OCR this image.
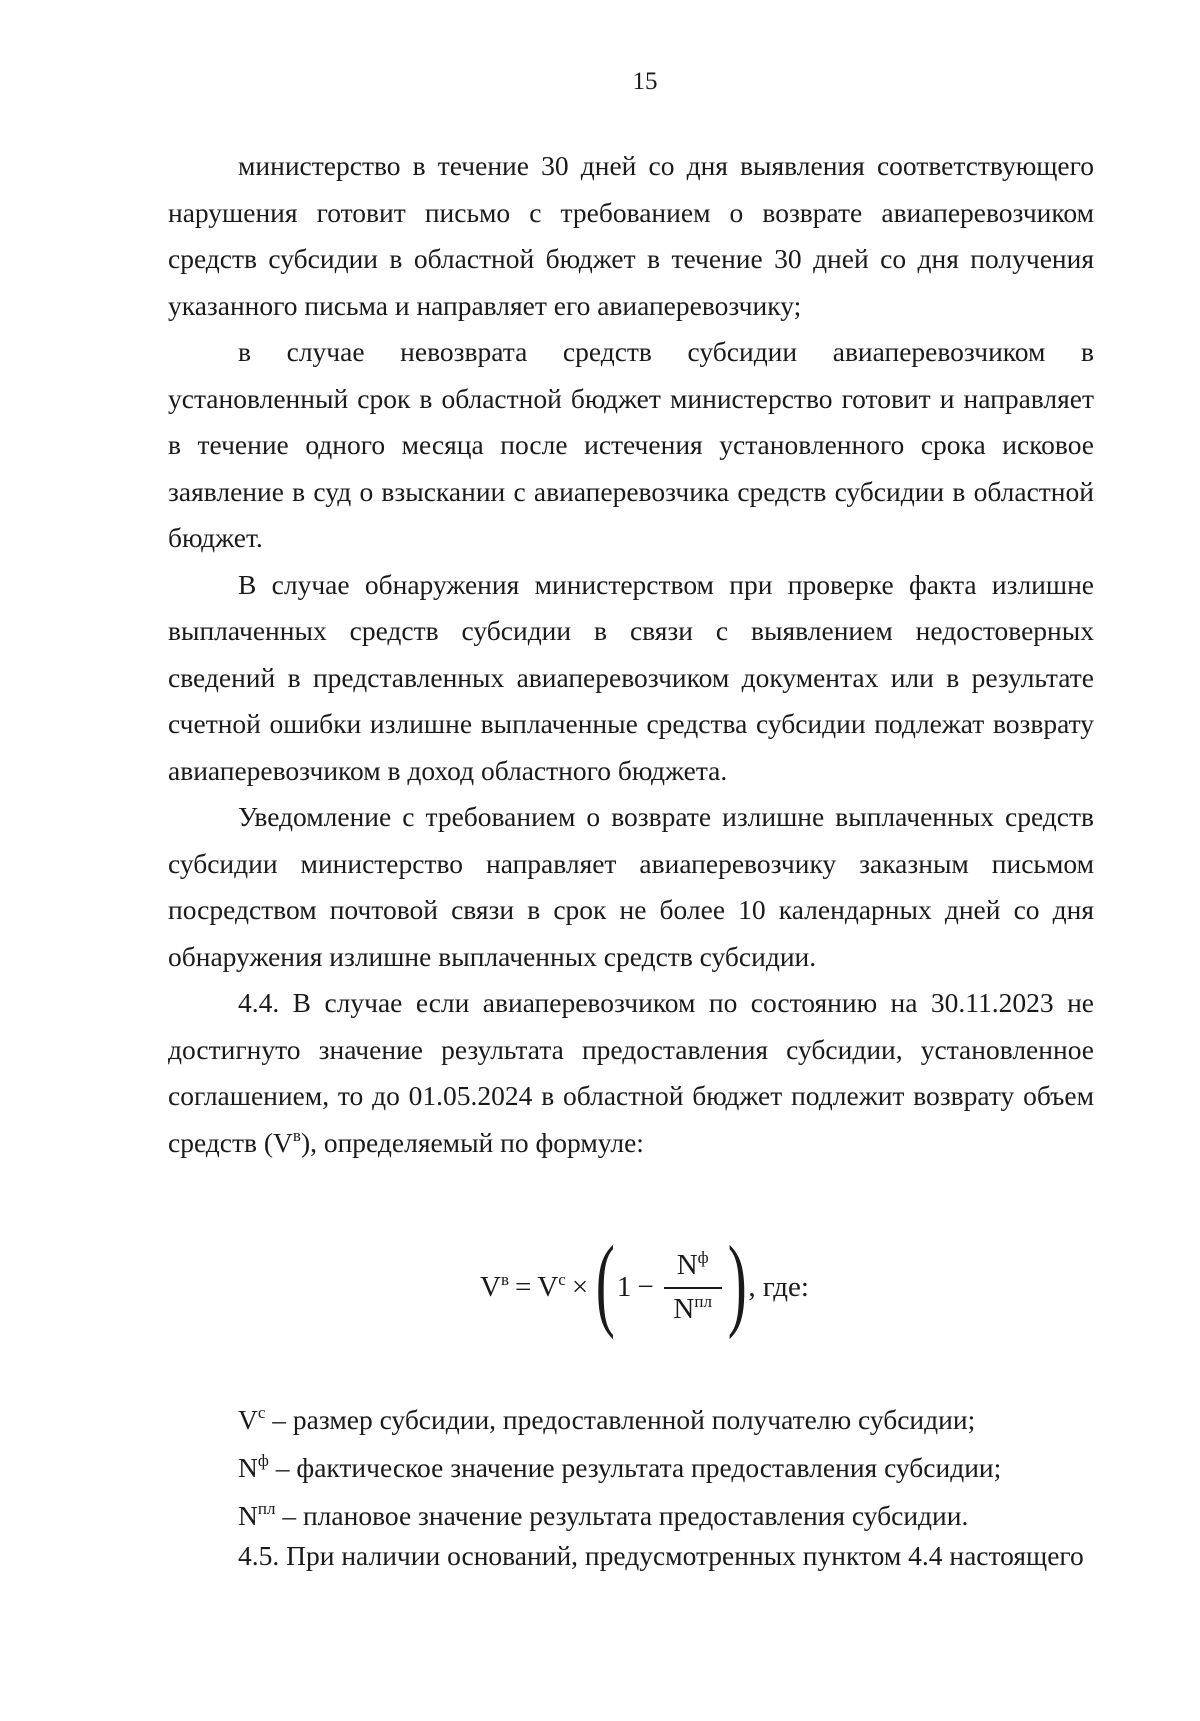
15

министерство в течение 30 дней со дня выявления соответствующего нарушения готовит письмо с требованием о возврате авиаперевозчиком средств субсидии в областной бюджет в течение 30 дней со дня получения указанного письма и направляет его авиаперевозчику;

в случае невозврата средств субсидии авиаперевозчиком в установленный срок в областной бюджет министерство готовит и направляет в течение одного месяца после истечения установленного срока исковое заявление в суд о взыскании с авиаперевозчика средств субсидии в областной бюджет.

В случае обнаружения министерством при проверке факта излишне выплаченных средств субсидии в связи с выявлением недостоверных сведений в представленных авиаперевозчиком документах или в результате счетной ошибки излишне выплаченные средства субсидии подлежат возврату авиаперевозчиком в доход областного бюджета.

Уведомление с требованием о возврате излишне выплаченных средств субсидии министерство направляет авиаперевозчику заказным письмом посредством почтовой связи в срок не более 10 календарных дней со дня обнаружения излишне выплаченных средств субсидии.

4.4. В случае если авиаперевозчиком по состоянию на 30.11.2023 не достигнуто значение результата предоставления субсидии, установленное соглашением, то до 01.05.2024 в областной бюджет подлежит возврату объем средств $(V^в)$, определяемый по формуле:

$V^в = V^с$ × ( $1 - \frac{N^ф}{N^{пл}}$ ) , где:

$V^с$ – размер субсидии, предоставленной получателю субсидии;

$N^ф$ – фактическое значение результата предоставления субсидии;

$N^{пл}$ – плановое значение результата предоставления субсидии.

4.5. При наличии оснований, предусмотренных пунктом 4.4 настоящего
